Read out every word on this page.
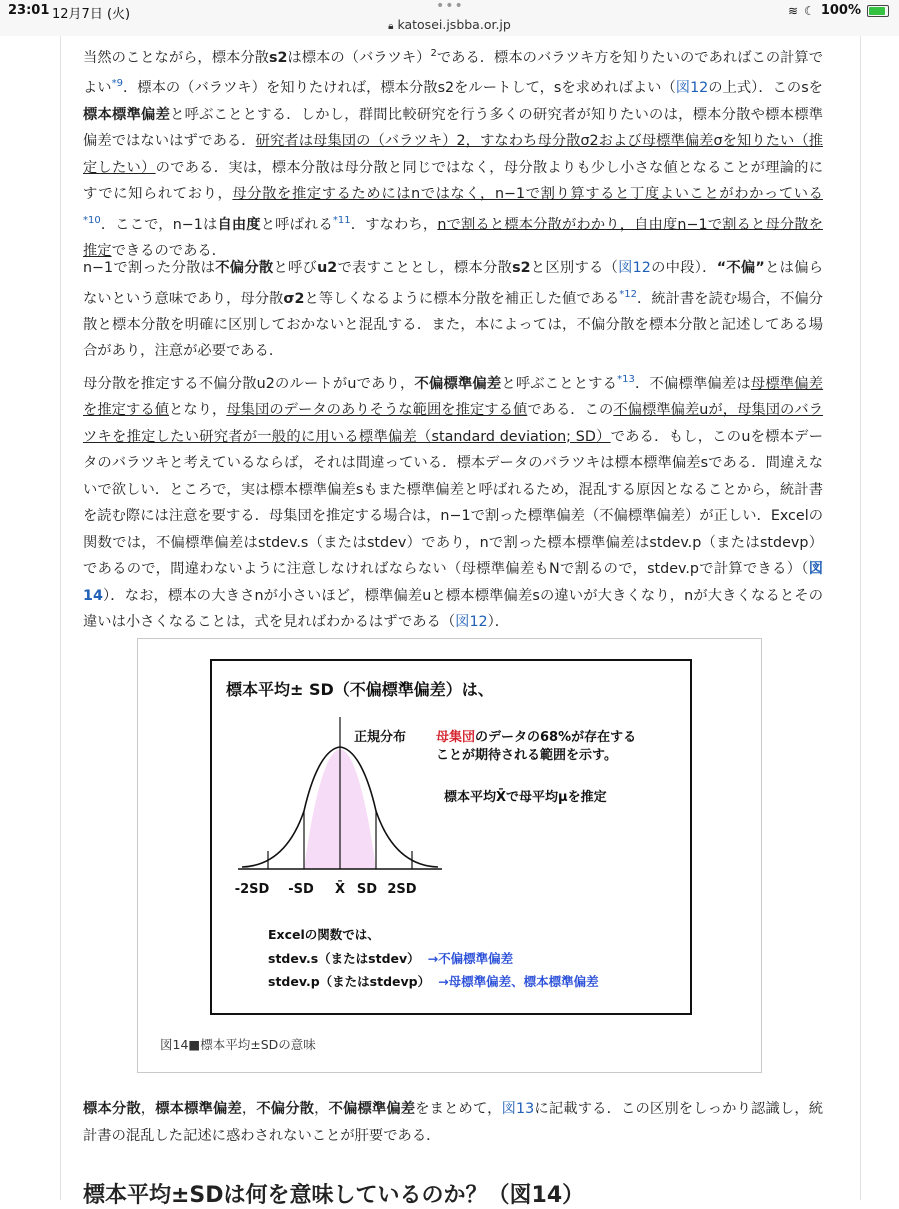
23:01 12月7日 (火)
•••
🔒︎ katosei.jsbba.or.jp
≋ ☾ 100%

当然のことながら，標本分散s2は標本の（バラツキ）$^2$である．標本のバラツキ方を知りたいのであればこの計算でよい$^{*9}$．標本の（バラツキ）を知りたければ，標本分散s2をルートして，sを求めればよい（図12の上式）．このsを標本標準偏差と呼ぶこととする．しかし，群間比較研究を行う多くの研究者が知りたいのは，標本分散や標本標準偏差ではないはずである．研究者は母集団の（バラツキ）2，すなわち母分散σ2および母標準偏差σを知りたい（推定したい）のである．実は，標本分散は母分散と同じではなく，母分散よりも少し小さな値となることが理論的にすでに知られており，母分散を推定するためにはnではなく，n−1で割り算すると丁度よいことがわかっている$^{*10}$．ここで，n−1は自由度と呼ばれる$^{*11}$．すなわち，nで割ると標本分散がわかり，自由度n−1で割ると母分散を推定できるのである．

n−1で割った分散は不偏分散と呼びu2で表すこととし，標本分散s2と区別する（図12の中段）．“不偏”とは偏らないという意味であり，母分散σ2と等しくなるように標本分散を補正した値である$^{*12}$．統計書を読む場合，不偏分散と標本分散を明確に区別しておかないと混乱する．また，本によっては，不偏分散を標本分散と記述してある場合があり，注意が必要である．

母分散を推定する不偏分散u2のルートがuであり，不偏標準偏差と呼ぶこととする$^{*13}$．不偏標準偏差は母標準偏差を推定する値となり，母集団のデータのありそうな範囲を推定する値である．この不偏標準偏差uが，母集団のバラツキを推定したい研究者が一般的に用いる標準偏差（standard deviation; SD）である．もし，このuを標本データのバラツキと考えているならば，それは間違っている．標本データのバラツキは標本標準偏差sである．間違えないで欲しい．ところで，実は標本標準偏差sもまた標準偏差と呼ばれるため，混乱する原因となることから，統計書を読む際には注意を要する．母集団を推定する場合は，n−1で割った標準偏差（不偏標準偏差）が正しい．Excelの関数では，不偏標準偏差はstdev.s（またはstdev）であり，nで割った標本標準偏差はstdev.p（またはstdevp）であるので，間違わないように注意しなければならない（母標準偏差もNで割るので，stdev.pで計算できる）（図14）．なお，標本の大きさnが小さいほど，標準偏差uと標本標準偏差sの違いが大きくなり，nが大きくなるとその違いは小さくなることは，式を見ればわかるはずである（図12）．

標本平均± SD（不偏標準偏差）は、
-2SD -SD X̄ SD 2SD
正規分布 母集団のデータの68%が存在する
ことが期待される範囲を示す。
標本平均X̄で母平均μを推定
Excelの関数では、
stdev.s（またはstdev） →不偏標準偏差
stdev.p（またはstdevp） →母標準偏差、標本標準偏差
図14■標本平均±SDの意味

標本分散，標本標準偏差，不偏分散，不偏標準偏差をまとめて，図13に記載する．この区別をしっかり認識し，統計書の混乱した記述に惑わされないことが肝要である．

標本平均±SDは何を意味しているのか？（図14）
